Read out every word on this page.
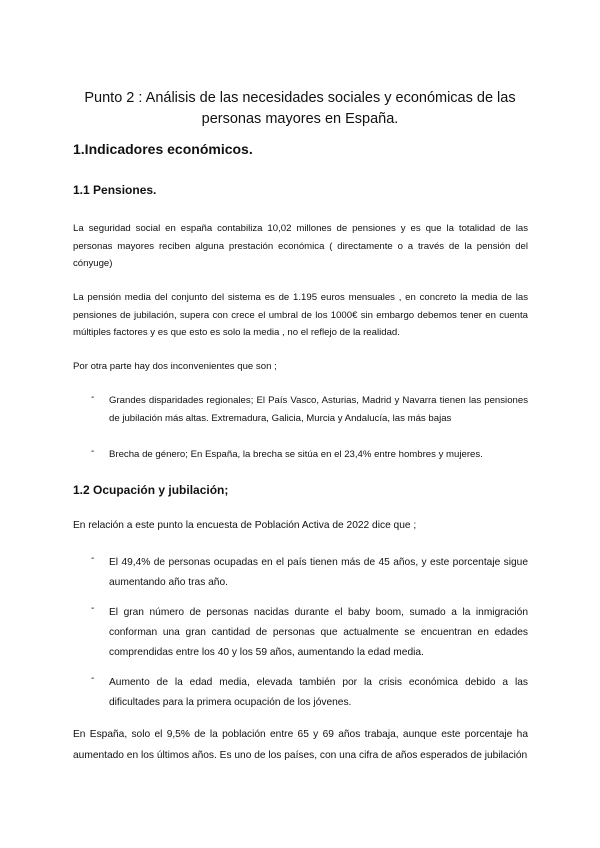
Punto 2 : Análisis de las necesidades sociales y económicas de las personas mayores en España.
1.Indicadores económicos.
1.1 Pensiones.

La seguridad social en españa contabiliza 10,02 millones de pensiones y es que la totalidad de las personas mayores reciben alguna prestación económica ( directamente o a través de la pensión del cónyuge)

La pensión media del conjunto del sistema es de 1.195 euros mensuales , en concreto la media de las pensiones de jubilación, supera con crece el umbral de los 1000€ sin embargo debemos tener en cuenta múltiples factores y es que esto es solo la media , no el reflejo de la realidad.

Por otra parte hay dos inconvenientes que son ;

- Grandes disparidades regionales; El País Vasco, Asturias, Madrid y Navarra tienen las pensiones de jubilación más altas. Extremadura, Galicia, Murcia y Andalucía, las más bajas
- Brecha de género; En España, la brecha se sitúa en el 23,4% entre hombres y mujeres.
1.2 Ocupación y jubilación;

En relación a este punto la encuesta de Población Activa de 2022 dice que ;

- El 49,4% de personas ocupadas en el país tienen más de 45 años, y este porcentaje sigue aumentando año tras año.
- El gran número de personas nacidas durante el baby boom, sumado a la inmigración conforman una gran cantidad de personas que actualmente se encuentran en edades comprendidas entre los 40 y los 59 años, aumentando la edad media.
- Aumento de la edad media, elevada también por la crisis económica debido a las dificultades para la primera ocupación de los jóvenes.

En España, solo el 9,5% de la población entre 65 y 69 años trabaja, aunque este porcentaje ha aumentado en los últimos años. Es uno de los países, con una cifra de años esperados de jubilación
